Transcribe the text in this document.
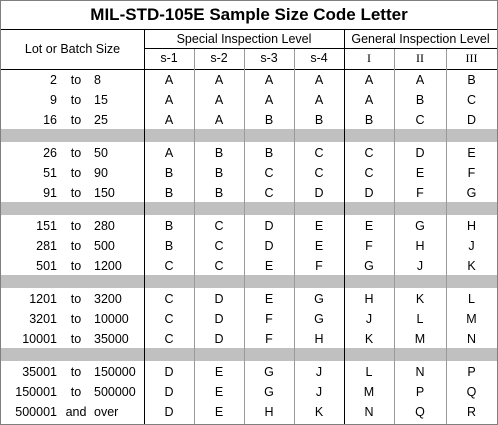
MIL-STD-105E Sample Size Code Letter
Lot or Batch Size
Special Inspection Level	General Inspection Level
s-1	s-2	s-3	s-4	I	II	III
2	to	8	A	A	A	A	A	A	B
9	to	15	A	A	A	A	A	B	C
16	to	25	A	A	B	B	B	C	D
26	to	50	A	B	B	C	C	D	E
51	to	90	B	B	C	C	C	E	F
91	to	150	B	B	C	D	D	F	G
151	to	280	B	C	D	E	E	G	H
281	to	500	B	C	D	E	F	H	J
501	to	1200	C	C	E	F	G	J	K
1201	to	3200	C	D	E	G	H	K	L
3201	to	10000	C	D	F	G	J	L	M
10001	to	35000	C	D	F	H	K	M	N
35001	to	150000	D	E	G	J	L	N	P
150001	to	500000	D	E	G	J	M	P	Q
500001 and over	D	E	H	K	N	Q	R
